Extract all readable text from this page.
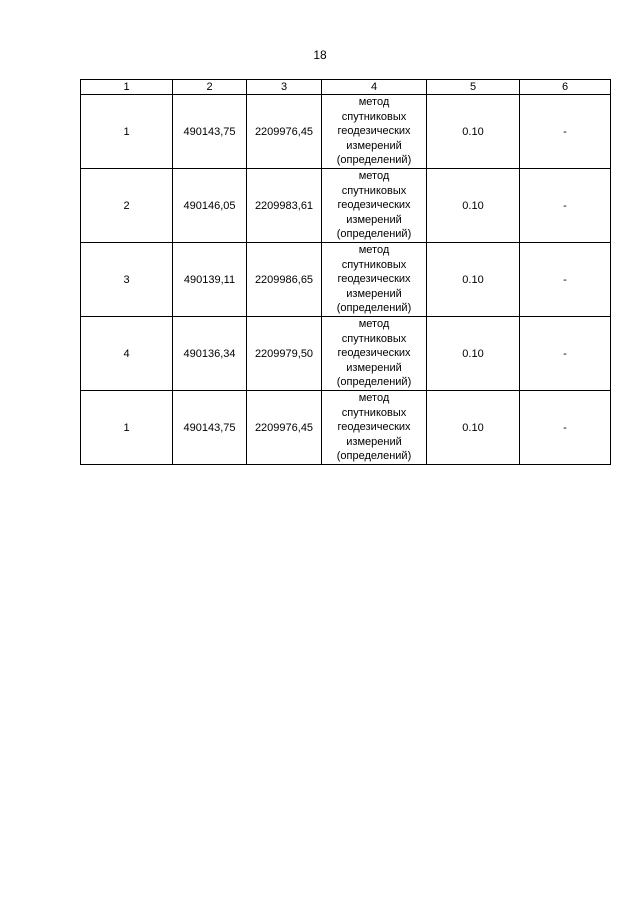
18
1	2	3	4	5	6
1	490143,75	2209976,45	метод
спутниковых
геодезических
измерений
(определений)	0.10	-
2	490146,05	2209983,61	метод
спутниковых
геодезических
измерений
(определений)	0.10	-
3	490139,11	2209986,65	метод
спутниковых
геодезических
измерений
(определений)	0.10	-
4	490136,34	2209979,50	метод
спутниковых
геодезических
измерений
(определений)	0.10	-
1	490143,75	2209976,45	метод
спутниковых
геодезических
измерений
(определений)	0.10	-
